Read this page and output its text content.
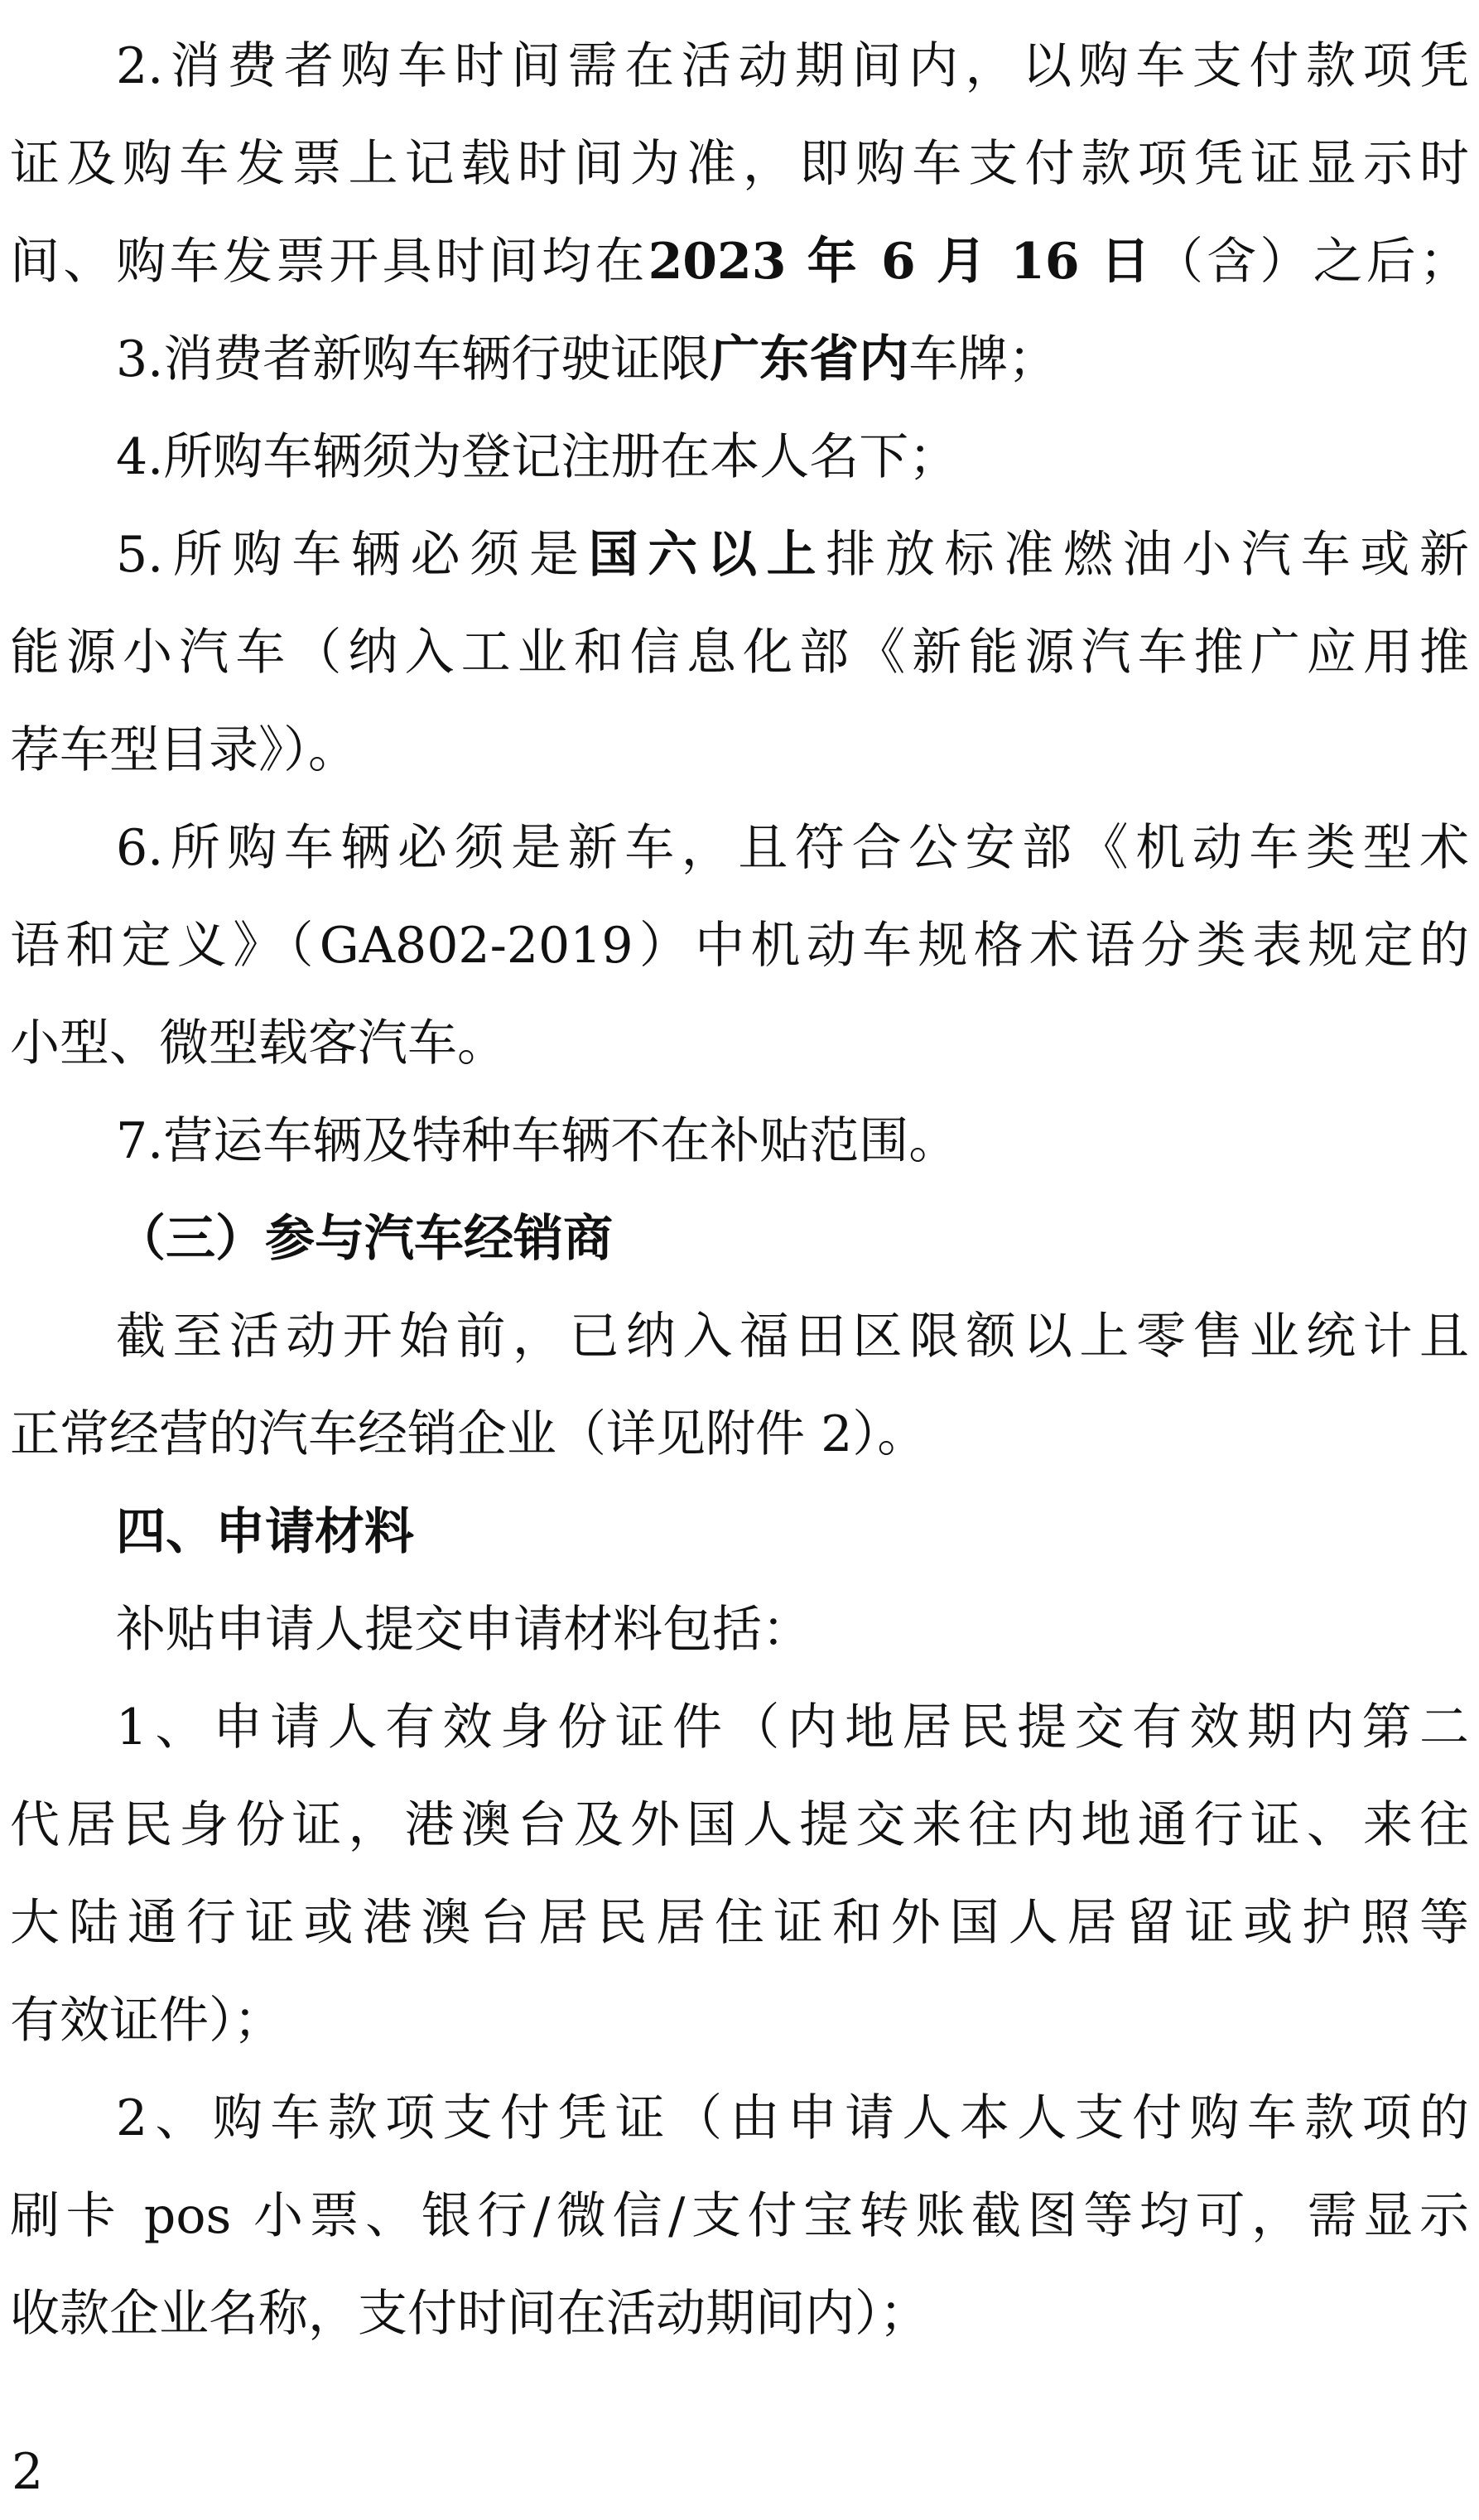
2.消费者购车时间需在活动期间内，以购车支付款项凭
证及购车发票上记载时间为准，即购车支付款项凭证显示时
间、购车发票开具时间均在2023 年 6 月 16 日（含）之后；
3.消费者新购车辆行驶证限广东省内车牌；
4.所购车辆须为登记注册在本人名下；
5.所购车辆必须是国六以上排放标准燃油小汽车或新
能源小汽车（纳入工业和信息化部《新能源汽车推广应用推
荐车型目录》）。
6.所购车辆必须是新车，且符合公安部《机动车类型术
语和定义》（GA802-2019）中机动车规格术语分类表规定的
小型、微型载客汽车。
7.营运车辆及特种车辆不在补贴范围。
（三）参与汽车经销商
截至活动开始前，已纳入福田区限额以上零售业统计且
正常经营的汽车经销企业（详见附件 2）。
四、申请材料
补贴申请人提交申请材料包括：
1、申请人有效身份证件（内地居民提交有效期内第二
代居民身份证，港澳台及外国人提交来往内地通行证、来往
大陆通行证或港澳台居民居住证和外国人居留证或护照等
有效证件）；
2、购车款项支付凭证（由申请人本人支付购车款项的
刷卡 pos 小票、银行/微信/支付宝转账截图等均可，需显示
收款企业名称，支付时间在活动期间内）；
2
